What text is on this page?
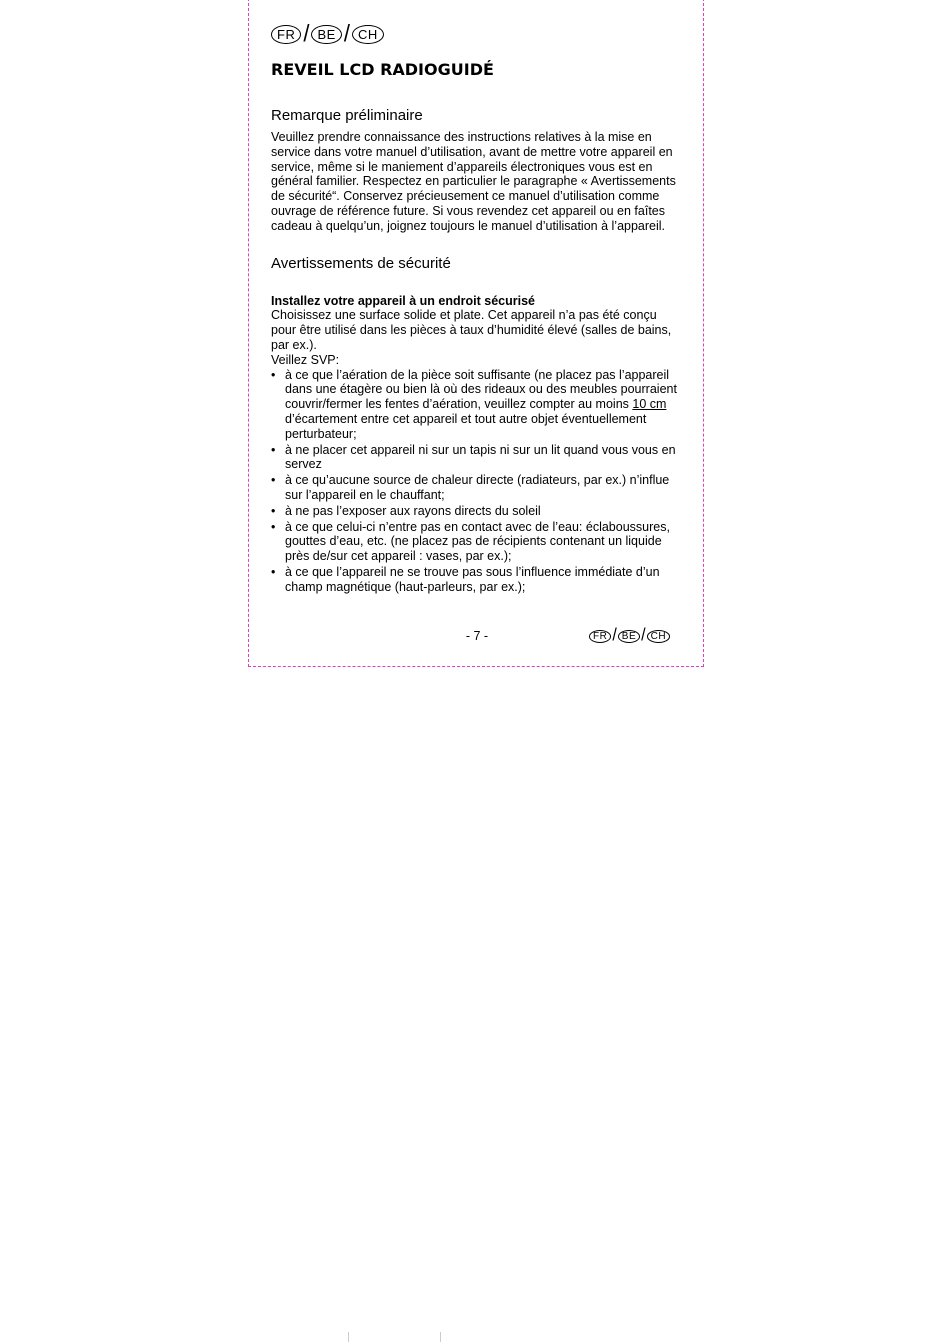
FR / BE / CH
REVEIL LCD RADIOGUIDÉ
Remarque préliminaire

Veuillez prendre connaissance des instructions relatives à la mise en service dans votre manuel d’utilisation, avant de mettre votre appareil en service, même si le maniement d’appareils électroniques vous est en général familier. Respectez en particulier le paragraphe « Avertissements de sécurité“. Conservez précieusement ce manuel d’utilisation comme ouvrage de référence future. Si vous revendez cet appareil ou en faîtes cadeau à quelqu’un, joignez toujours le manuel d’utilisation à l’appareil.

Avertissements de sécurité
Installez votre appareil à un endroit sécurisé
Choisissez une surface solide et plate. Cet appareil n’a pas été conçu pour être utilisé dans les pièces à taux d’humidité élevé (salles de bains, par ex.).
Veillez SVP:
• à ce que l’aération de la pièce soit suffisante (ne placez pas l’appareil dans une étagère ou bien là où des rideaux ou des meubles pourraient couvrir/fermer les fentes d’aération, veuillez compter au moins 10 cm d’écartement entre cet appareil et tout autre objet éventuellement perturbateur;
• à ne placer cet appareil ni sur un tapis ni sur un lit quand vous vous en servez
• à ce qu’aucune source de chaleur directe (radiateurs, par ex.) n’influe sur l’appareil en le chauffant;
• à ne pas l’exposer aux rayons directs du soleil
• à ce que celui-ci n’entre pas en contact avec de l’eau: éclaboussures, gouttes d’eau, etc. (ne placez pas de récipients contenant un liquide près de/sur cet appareil : vases, par ex.);
• à ce que l’appareil ne se trouve pas sous l’influence immédiate d’un champ magnétique (haut-parleurs, par ex.);
- 7 -	FR / BE / CH
